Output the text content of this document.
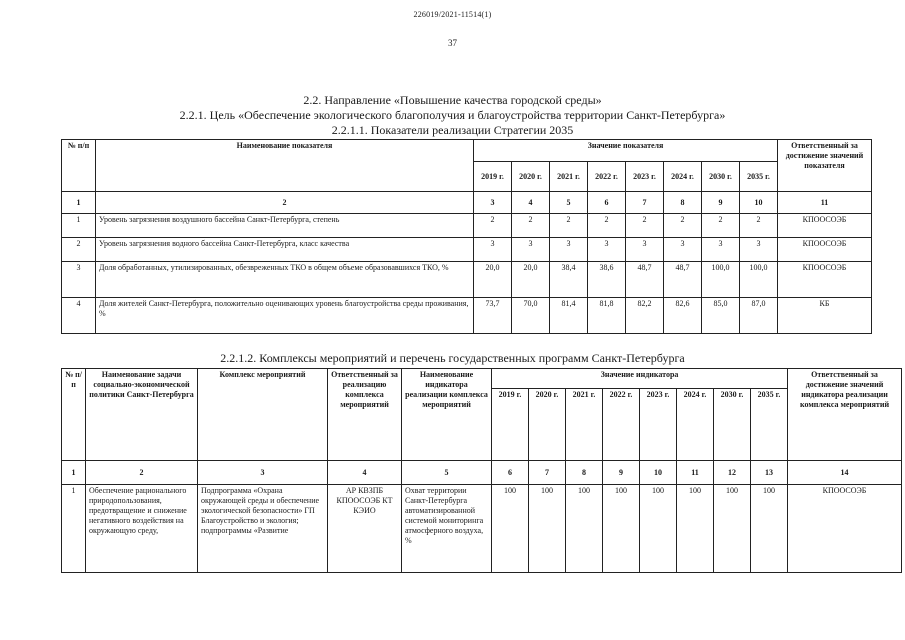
226019/2021-11514(1)
37
2.2. Направление «Повышение качества городской среды»
2.2.1. Цель «Обеспечение экологического благополучия и благоустройства территории Санкт-Петербурга»
2.2.1.1. Показатели реализации Стратегии 2035
№ п/п	Наименование показателя	Значение показателя								Ответственный за достижение значений показателя
		2019 г.	2020 г.	2021 г.	2022 г.	2023 г.	2024 г.	2030 г.	2035 г.	
1	2	3	4	5	6	7	8	9	10	11
1	Уровень загрязнения воздушного бассейна Санкт-Петербурга, степень	2	2	2	2	2	2	2	2	КПООСОЭБ
2	Уровень загрязнения водного бассейна Санкт-Петербурга, класс качества	3	3	3	3	3	3	3	3	КПООСОЭБ
3	Доля обработанных, утилизированных, обезвреженных ТКО в общем объеме образовавшихся ТКО, %	20,0	20,0	38,4	38,6	48,7	48,7	100,0	100,0	КПООСОЭБ
4	Доля жителей Санкт-Петербурга, положительно оценивающих уровень благоустройства среды проживания, %	73,7	70,0	81,4	81,8	82,2	82,6	85,0	87,0	КБ
2.2.1.2. Комплексы мероприятий и перечень государственных программ Санкт-Петербурга
№ п/п	Наименование задачи социально-экономической политики Санкт-Петербурга	Комплекс мероприятий	Ответственный за реализацию комплекса мероприятий	Наименование индикатора реализации комплекса мероприятий	Значение индикатора								Ответственный за достижение значений индикатора реализации комплекса мероприятий
					2019 г.	2020 г.	2021 г.	2022 г.	2023 г.	2024 г.	2030 г.	2035 г.	
1	2	3	4	5	6	7	8	9	10	11	12	13	14
1	Обеспечение рационального природопользования, предотвращение и снижение негативного воздействия на окружающую среду,	Подпрограмма «Охрана окружающей среды и обеспечение экологической безопасности» ГП Благоустройство и экология; подпрограммы «Развитие	АР КВЗПБ КПООСОЭБ КТ КЭИО	Охват территории Санкт-Петербурга автоматизированной системой мониторинга атмосферного воздуха, %	100	100	100	100	100	100	100	100	КПООСОЭБ
